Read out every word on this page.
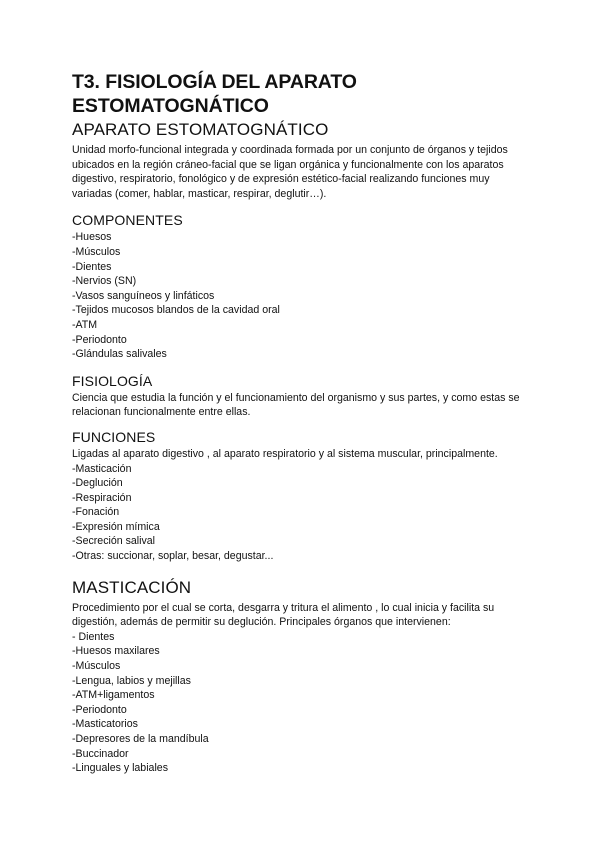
T3. FISIOLOGÍA DEL APARATO ESTOMATOGNÁTICO
APARATO ESTOMATOGNÁTICO

Unidad morfo-funcional integrada y coordinada formada por un conjunto de órganos y tejidos ubicados en la región cráneo-facial que se ligan orgánica y funcionalmente con los aparatos digestivo, respiratorio, fonológico y de expresión estético-facial realizando funciones muy variadas (comer, hablar, masticar, respirar, deglutir…).

COMPONENTES
-Huesos
-Músculos
-Dientes
-Nervios (SN)
-Vasos sanguíneos y linfáticos
-Tejidos mucosos blandos de la cavidad oral
-ATM
-Periodonto
-Glándulas salivales
FISIOLOGÍA

Ciencia que estudia la función y el funcionamiento del organismo y sus partes, y como estas se relacionan funcionalmente entre ellas.

FUNCIONES

Ligadas al aparato digestivo , al aparato respiratorio y al sistema muscular, principalmente.

-Masticación
-Deglución
-Respiración
-Fonación
-Expresión mímica
-Secreción salival
-Otras: succionar, soplar, besar, degustar...
MASTICACIÓN

Procedimiento por el cual se corta, desgarra y tritura el alimento , lo cual inicia y facilita su digestión, además de permitir su deglución. Principales órganos que intervienen:

- Dientes
-Huesos maxilares
-Músculos
-Lengua, labios y mejillas
-ATM+ligamentos
-Periodonto
-Masticatorios
-Depresores de la mandíbula
-Buccinador
-Linguales y labiales
